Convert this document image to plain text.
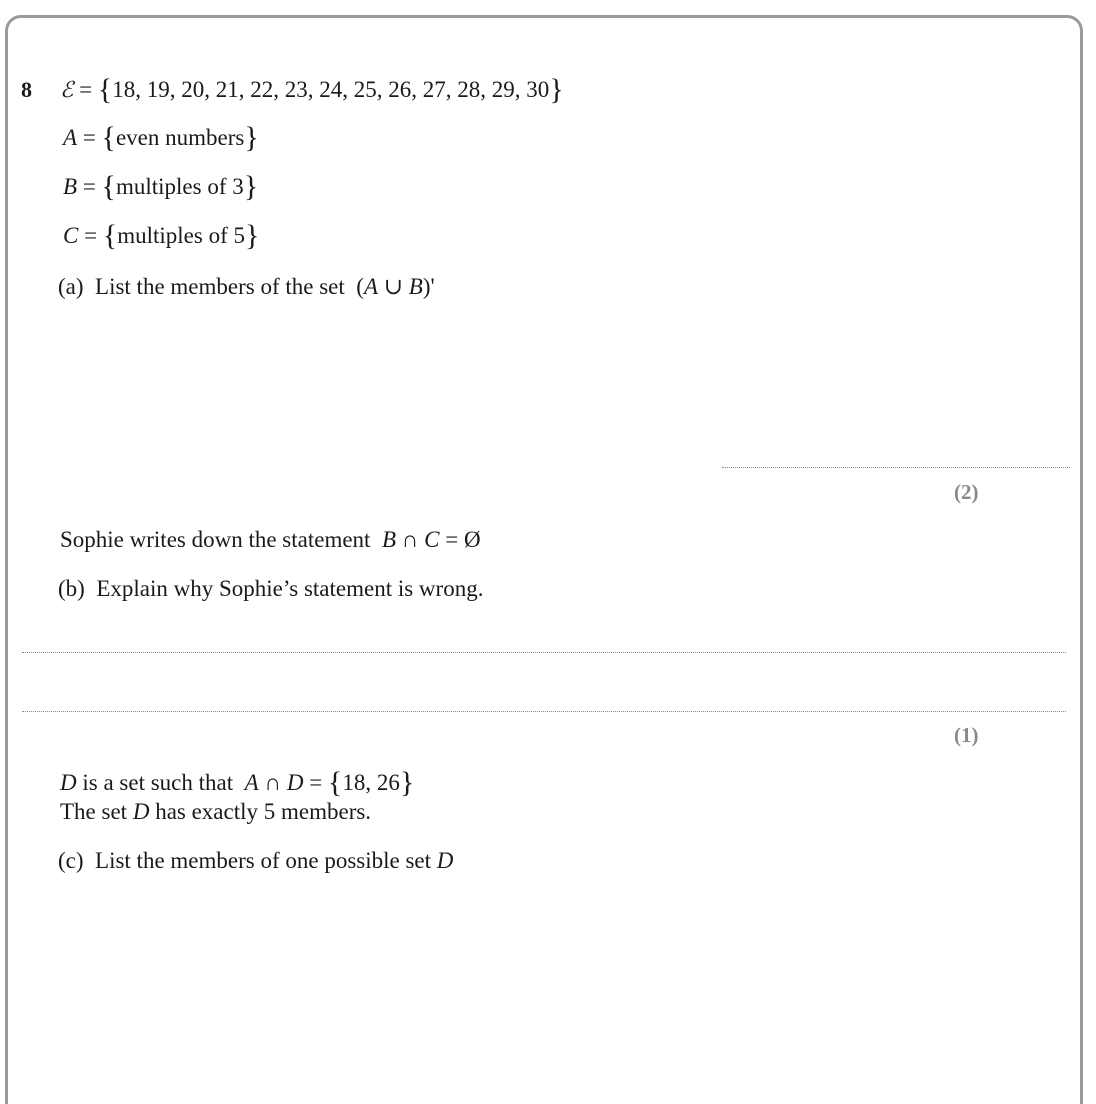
8 ℰ = {18, 19, 20, 21, 22, 23, 24, 25, 26, 27, 28, 29, 30}
A = {even numbers}
B = {multiples of 3}
C = {multiples of 5}
(a) List the members of the set (A ∪ B)'
(2)
Sophie writes down the statement B ∩ C = Ø
(b) Explain why Sophie’s statement is wrong.
(1)
D is a set such that A ∩ D = {18, 26}
The set D has exactly 5 members.
(c) List the members of one possible set D
